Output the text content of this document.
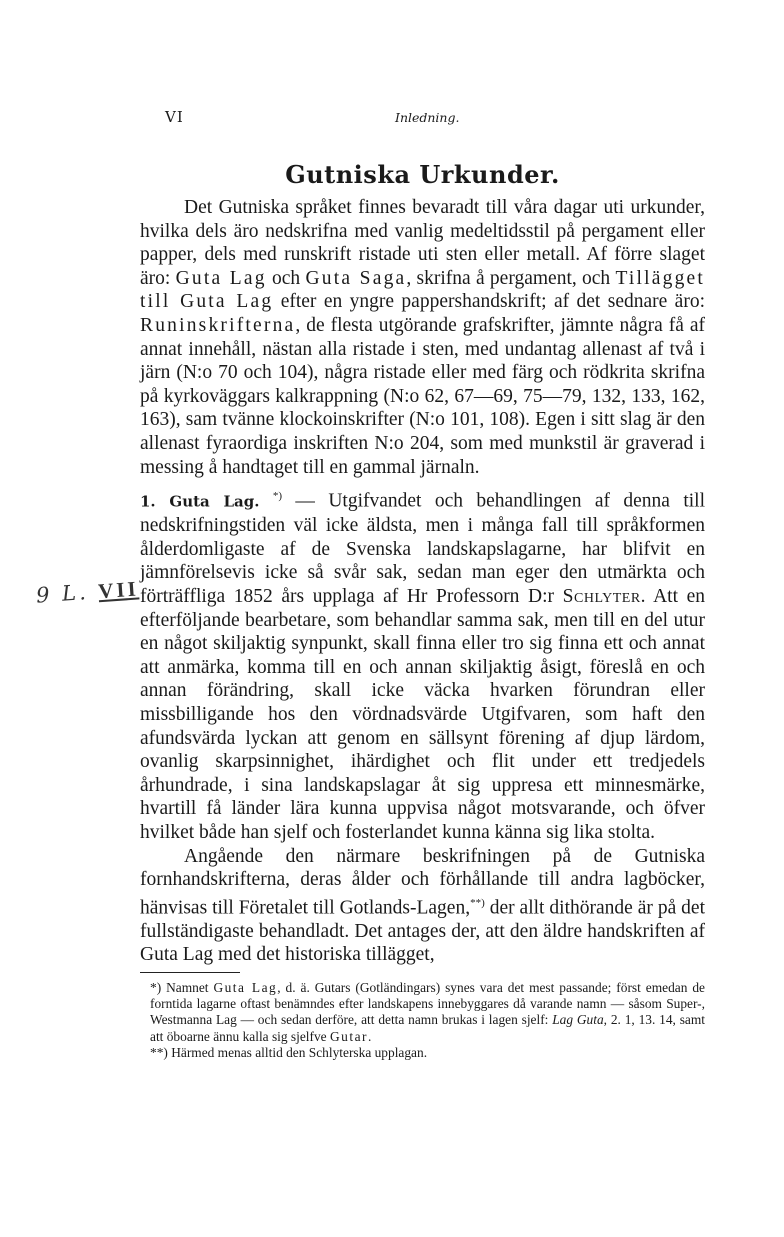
VI	Inledning.
Gutniska Urkunder.

Det Gutniska språket finnes bevaradt till våra dagar uti urkunder, hvilka dels äro nedskrifna med vanlig medeltidsstil på pergament eller papper, dels med runskrift ristade uti sten eller metall. Af förre slaget äro: Guta Lag och Guta Saga, skrifna å pergament, och Tillägget till Guta Lag efter en yngre pappershandskrift; af det sednare äro: Runinskrifterna, de flesta utgörande grafskrifter, jämnte några få af annat innehåll, nästan alla ristade i sten, med undantag allenast af två i järn (N:o 70 och 104), några ristade eller med färg och rödkrita skrifna på kyrkoväggars kalkrappning (N:o 62, 67—69, 75—79, 132, 133, 162, 163), sam tvänne klockoinskrifter (N:o 101, 108). Egen i sitt slag är den allenast fyraordiga inskriften N:o 204, som med munkstil är graverad i messing å handtaget till en gammal järnaln.

1. Guta Lag. *) — Utgifvandet och behandlingen af denna till nedskrifningstiden väl icke äldsta, men i många fall till språkformen ålderdomligaste af de Svenska landskapslagarne, har blifvit en jämnförelsevis icke så svår sak, sedan man eger den utmärkta och förträffliga 1852 års upplaga af Hr Professorn D:r Schlyter. Att en efterföljande bearbetare, som behandlar samma sak, men till en del utur en något skiljaktig synpunkt, skall finna eller tro sig finna ett och annat att anmärka, komma till en och annan skiljaktig åsigt, föreslå en och annan förändring, skall icke väcka hvarken förundran eller missbilligande hos den vördnadsvärde Utgifvaren, som haft den afundsvärda lyckan att genom en sällsynt förening af djup lärdom, ovanlig skarpsinnighet, ihärdighet och flit under ett tredjedels århundrade, i sina landskapslagar åt sig uppresa ett minnesmärke, hvartill få länder lära kunna uppvisa något motsvarande, och öfver hvilket både han sjelf och fosterlandet kunna känna sig lika stolta.

Angående den närmare beskrifningen på de Gutniska fornhandskrifterna, deras ålder och förhållande till andra lagböcker, hänvisas till Företalet till Gotlands-Lagen,**) der allt dithörande är på det fullständigaste behandladt. Det antages der, att den äldre handskriften af Guta Lag med det historiska tillägget,

*) Namnet Guta Lag, d. ä. Gutars (Gotländingars) synes vara det mest passande; först emedan de forntida lagarne oftast benämndes efter landskapens innebyggares då varande namn — såsom Super-, Westmanna Lag — och sedan derföre, att detta namn brukas i lagen sjelf: Lag Guta, 2. 1, 13. 14, samt att öboarne ännu kalla sig sjelfve Gutar.

**) Härmed menas alltid den Schlyterska upplagan.

9 L. VII
